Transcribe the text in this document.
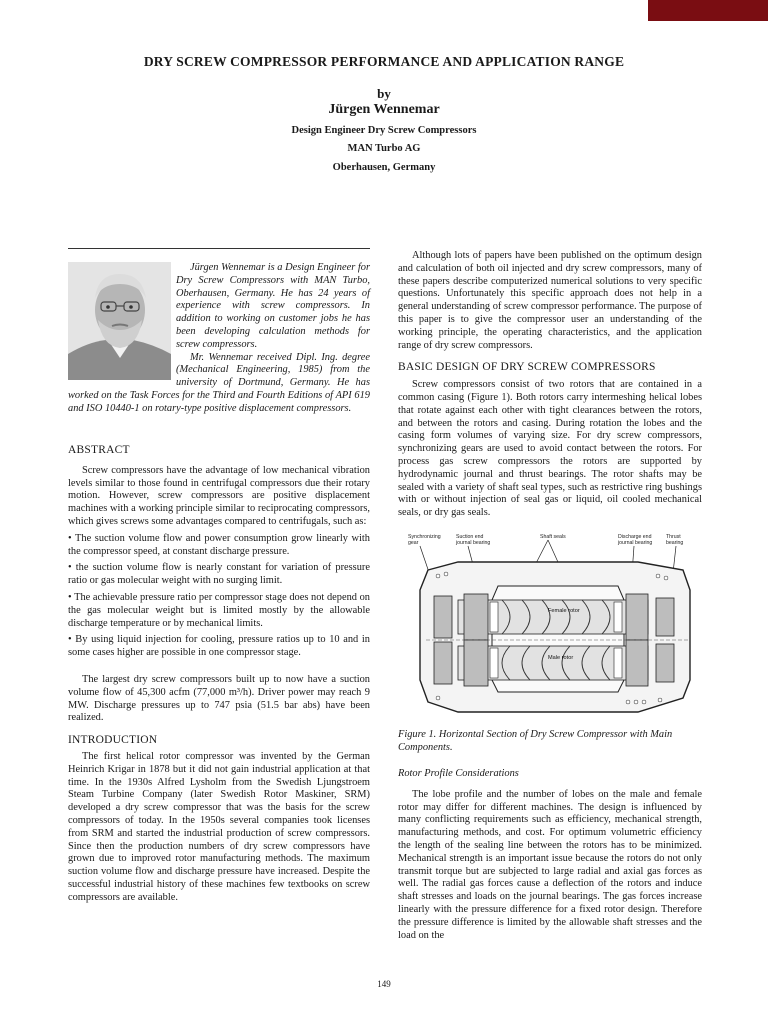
DRY SCREW COMPRESSOR PERFORMANCE AND APPLICATION RANGE
by
Jürgen Wennemar
Design Engineer Dry Screw Compressors
MAN Turbo AG
Oberhausen, Germany

Jürgen Wennemar is a Design Engineer for Dry Screw Compressors with MAN Turbo, Oberhausen, Germany. He has 24 years of experience with screw compressors. In addition to working on customer jobs he has been developing calculation methods for screw compressors.

Mr. Wennemar received Dipl. Ing. degree (Mechanical Engineering, 1985) from the university of Dortmund, Germany. He has worked on the Task Forces for the Third and Fourth Editions of API 619 and ISO 10440-1 on rotary-type positive displacement compressors.

ABSTRACT

Screw compressors have the advantage of low mechanical vibration levels similar to those found in centrifugal compressors due their rotary motion. However, screw compressors are positive displacement machines with a working principle similar to reciprocating compressors, which gives screws some advantages compared to centrifugals, such as:

• The suction volume flow and power consumption grow linearly with the compressor speed, at constant discharge pressure.

• the suction volume flow is nearly constant for variation of pressure ratio or gas molecular weight with no surging limit.

• The achievable pressure ratio per compressor stage does not depend on the gas molecular weight but is limited mostly by the allowable discharge temperature or by mechanical limits.

• By using liquid injection for cooling, pressure ratios up to 10 and in some cases higher are possible in one compressor stage.

The largest dry screw compressors built up to now have a suction volume flow of 45,300 acfm (77,000 m³/h). Driver power may reach 9 MW. Discharge pressures up to 747 psia (51.5 bar abs) have been realized.

INTRODUCTION

The first helical rotor compressor was invented by the German Heinrich Krigar in 1878 but it did not gain industrial application at that time. In the 1930s Alfred Lysholm from the Swedish Ljungstroem Steam Turbine Company (later Swedish Rotor Maskiner, SRM) developed a dry screw compressor that was the basis for the screw compressors of today. In the 1950s several companies took licenses from SRM and started the industrial production of screw compressors. Since then the production numbers of dry screw compressors have grown due to improved rotor manufacturing methods. The maximum suction volume flow and discharge pressure have increased. Despite the successful industrial history of these machines few textbooks on screw compressors are available.

Although lots of papers have been published on the optimum design and calculation of both oil injected and dry screw compressors, many of these papers describe computerized numerical solutions to very specific questions. Unfortunately this specific approach does not help in a general understanding of screw compressor performance. The purpose of this paper is to give the compressor user an understanding of the working principle, the operating characteristics, and the application range of dry screw compressors.

BASIC DESIGN OF DRY SCREW COMPRESSORS

Screw compressors consist of two rotors that are contained in a common casing (Figure 1). Both rotors carry intermeshing helical lobes that rotate against each other with tight clearances between the rotors, and between the rotors and casing. During rotation the lobes and the casing form volumes of varying size. For dry screw compressors, synchronizing gears are used to avoid contact between the rotors. For process gas screw compressors the rotors are supported by hydrodynamic journal and thrust bearings. The rotor shafts may be sealed with a variety of shaft seal types, such as restrictive ring bushings with or without injection of seal gas or liquid, oil cooled mechanical seals, or dry gas seals.

Synchronizing
gear
Suction end
journal bearing
Shaft seals	Discharge end
journal bearing
Thrust
bearing
Female rotor
Male rotor
Figure 1. Horizontal Section of Dry Screw Compressor with Main Components.

Rotor Profile Considerations

The lobe profile and the number of lobes on the male and female rotor may differ for different machines. The design is influenced by many conflicting requirements such as efficiency, mechanical strength, manufacturing methods, and cost. For optimum volumetric efficiency the length of the sealing line between the rotors has to be minimized. Mechanical strength is an important issue because the rotors do not only transmit torque but are subjected to large radial and axial gas forces as well. The radial gas forces cause a deflection of the rotors and induce shaft stresses and loads on the journal bearings. The gas forces increase linearly with the pressure difference for a fixed rotor design. Therefore the pressure difference is limited by the allowable shaft stresses and the load on the

149
